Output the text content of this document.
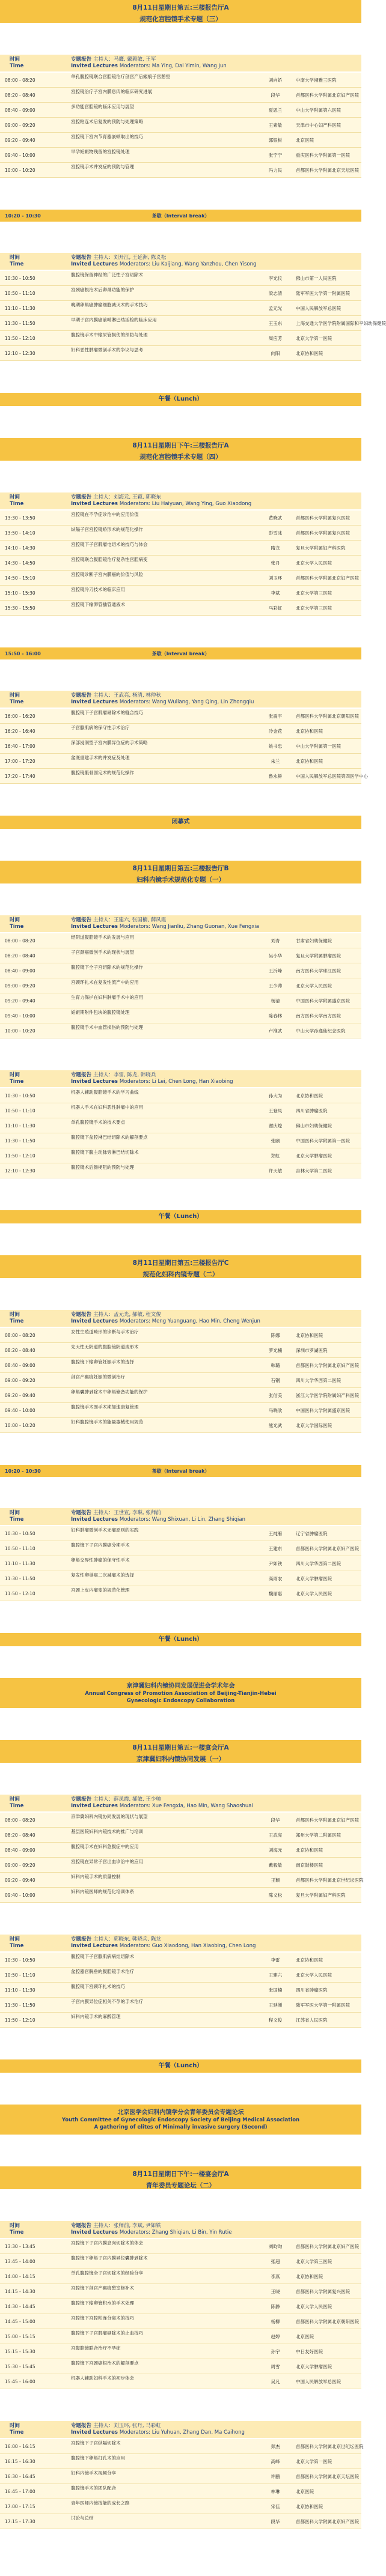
8月11日星期日第五:三楼报告厅A
规范化宫腔镜手术专题（三）
时间
Time
专题报告 主持人：马鹰, 戴毅敏, 王军
Invited Lectures Moderators: Ma Ying, Dai Yimin, Wang Jun
08:00 - 08:20
单孔腹腔镜联合宫腔镜治疗剖宫产后瘢痕子宫憩室
刘向娇	中南大学湘雅三医院
08:20 - 08:40
宫腔镜治疗子宫内膜息肉的临床研究进展
段华	首都医科大学附属北京妇产医院
08:40 - 09:00
多功能宫腔镜的临床应用与展望
夏恩兰	中山大学附属第六医院
09:00 - 09:20
宫腔粘连术后复发的预防与处理策略
王素敏	天津市中心妇产科医院
09:20 - 09:40
宫腔镜下宫内节育器嵌顿取出的技巧
郭银树	北京医院
09:40 - 10:00
早孕妊娠物残留的宫腔镜处理
张宁宁	重庆医科大学附属第一医院
10:00 - 10:20
宫腔镜手术并发症的预防与管理
冯力民	首都医科大学附属北京天坛医院
茶歇（Interval break）
10:20 - 10:30
时间
Time
专题报告 主持人：刘开江, 王延洲, 陈义松
Invited Lectures Moderators: Liu Kaijiang, Wang Yanzhou, Chen Yisong
10:30 - 10:50
腹腔镜保留神经的广泛性子宫切除术
李光仪	佛山市第一人民医院
10:50 - 11:10
宫颈癌根治术后卵巢功能的保护
梁志清	陆军军医大学第一附属医院
11:10 - 11:30
晚期卵巢癌肿瘤细胞减灭术的手术技巧
孟元光	中国人民解放军总医院
11:30 - 11:50
早期子宫内膜癌前哨淋巴结活检的临床应用
王玉东	上海交通大学医学院附属国际和平妇幼保健院
11:50 - 12:10
腹腔镜手术中输尿管损伤的预防与处理
周应芳	北京大学第一医院
12:10 - 12:30
妇科恶性肿瘤微创手术的争议与思考
向阳	北京协和医院
午餐（Lunch）
8月11日星期日下午:三楼报告厅A
规范化宫腔镜手术专题（四）
时间
Time
专题报告 主持人：刘海元, 王颖, 郭晓东
Invited Lectures Moderators: Liu Haiyuan, Wang Ying, Guo Xiaodong
13:30 - 13:50
宫腔镜在不孕症诊治中的应用价值
黄晓武	首都医科大学附属复兴医院
13:50 - 14:10
纵隔子宫宫腔镜矫形术的规范化操作
彭雪冰	首都医科大学附属复兴医院
14:10 - 14:30
宫腔镜下子宫肌瘤电切术的技巧与体会
隋龙	复旦大学附属妇产科医院
14:30 - 14:50
宫腔镜联合腹腔镜治疗复杂性宫腔病变
张丹	北京大学人民医院
14:50 - 15:10
宫腔镜诊断子宫内膜癌的价值与风险
刘玉环	首都医科大学附属北京妇产医院
15:10 - 15:30
宫腔镜冷刀技术的临床应用
李斌	北京大学第三医院
15:30 - 15:50
宫腔镜下输卵管插管通液术
马彩虹	北京大学第三医院
茶歇（Interval break）
15:50 - 16:00
时间
Time
专题报告 主持人：王武亮, 杨清, 林仲秋
Invited Lectures Moderators: Wang Wuliang, Yang Qing, Lin Zhongqiu
16:00 - 16:20
腹腔镜下子宫肌瘤剔除术的缝合技巧
张震宇	首都医科大学附属北京朝阳医院
16:20 - 16:40
子宫腺肌病的保守性手术治疗
冷金花	北京协和医院
16:40 - 17:00
深部浸润型子宫内膜异位症的手术策略
姚书忠	中山大学附属第一医院
17:00 - 17:20
盆底重建手术的并发症及处理
朱兰	北京协和医院
17:20 - 17:40
腹腔镜骶骨固定术的规范化操作
鲁永鲜	中国人民解放军总医院第四医学中心
闭幕式
8月11日星期日第五:三楼报告厅B
妇科内镜手术规范化专题（一）
时间
Time
专题报告 主持人：王建六, 张国楠, 薛凤霞
Invited Lectures Moderators: Wang Jianliu, Zhang Guonan, Xue Fengxia
08:00 - 08:20
经阴道腹腔镜手术的发展与应用
刘青	甘肃省妇幼保健院
08:20 - 08:40
子宫颈癌微创手术的现状与展望
吴小华	复旦大学附属肿瘤医院
08:40 - 09:00
腹腔镜下全子宫切除术的规范化操作
王沂峰	南方医科大学珠江医院
09:00 - 09:20
宫颈环扎术在复发性流产中的应用
王少帅	北京大学人民医院
09:20 - 09:40
生育力保护在妇科肿瘤手术中的应用
杨清	中国医科大学附属盛京医院
09:40 - 10:00
妊娠期附件包块的腹腔镜处理
陈春林	南方医科大学南方医院
10:00 - 10:20
腹腔镜手术中血管损伤的预防与处理
卢淮武	中山大学孙逸仙纪念医院
时间
Time
专题报告 主持人：李雷, 陈龙, 韩晓兵
Invited Lectures Moderators: Li Lei, Chen Long, Han Xiaobing
10:30 - 10:50
机器人辅助腹腔镜手术的学习曲线
孙大为	北京协和医院
10:50 - 11:10
机器人手术在妇科恶性肿瘤中的应用
王登凤	四川省肿瘤医院
11:10 - 11:30
单孔腹腔镜手术的技术要点
谢庆煌	佛山市妇幼保健院
11:30 - 11:50
腹腔镜下盆腔淋巴结切除术的解剖要点
张颐	中国医科大学附属第一医院
11:50 - 12:10
腹腔镜下腹主动脉旁淋巴结切除术
郑虹	北京大学肿瘤医院
12:10 - 12:30
腹腔镜术后肠梗阻的预防与处理
许天敏	吉林大学第二医院
午餐（Lunch）
8月11日星期日第五:三楼报告厅C
规范化妇科内镜专题（二）
时间
Time
专题报告 主持人：孟元光, 郝敏, 程文俊
Invited Lectures Moderators: Meng Yuanguang, Hao Min, Cheng Wenjun
08:00 - 08:20
女性生殖道畸形的诊断与手术治疗
陈娜	北京协和医院
08:20 - 08:40
先天性无阴道的腹腔镜阴道成形术
罗光楠	深圳市罗湖医院
08:40 - 09:00
腹腔镜下输卵管妊娠手术的选择
韩璐	首都医科大学附属北京妇产医院
09:00 - 09:20
剖宫产瘢痕妊娠的微创治疗
石钢	四川大学华西第二医院
09:20 - 09:40
卵巢囊肿剥除术中卵巢储备功能的保护
张信美	浙江大学医学院附属妇产科医院
09:40 - 10:00
腹腔镜手术围手术期加速康复管理
马晓欣	中国医科大学附属盛京医院
10:00 - 10:20
妇科腹腔镜手术的能量器械使用规范
熊光武	北京大学国际医院
茶歇（Interval break）
10:20 - 10:30
时间
Time
专题报告 主持人：王世宣, 李琳, 张师前
Invited Lectures Moderators: Wang Shixuan, Li Lin, Zhang Shiqian
10:30 - 10:50
妇科肿瘤微创手术无瘤原则的实践
王纯雁	辽宁省肿瘤医院
10:50 - 11:10
腹腔镜下子宫内膜癌分期手术
王建东	首都医科大学附属北京妇产医院
11:10 - 11:30
卵巢交界性肿瘤的保守性手术
尹如铁	四川大学华西第二医院
11:30 - 11:50
复发性卵巢癌二次减瘤术的选择
高雨农	北京大学肿瘤医院
11:50 - 12:10
宫颈上皮内瘤变的规范化管理
魏丽惠	北京大学人民医院
午餐（Lunch）
京津冀妇科内镜协同发展促进会学术年会
Annual Congress of Promotion Association of Beijing-Tianjin-Hebei
Gynecologic Endoscopy Collaboration
8月11日星期日第五:一楼宴会厅A
京津冀妇科内镜协同发展（一）
时间
Time
专题报告 主持人：薛凤霞, 郝敏, 王少帅
Invited Lectures Moderators: Xue Fengxia, Hao Min, Wang Shaoshuai
08:00 - 08:20
京津冀妇科内镜协同发展的现状与展望
段华	首都医科大学附属北京妇产医院
08:20 - 08:40
基层医院妇科内镜技术的推广与培训
王武亮	郑州大学第二附属医院
08:40 - 09:00
腹腔镜手术在妇科急腹症中的应用
刘海元	北京协和医院
09:00 - 09:20
宫腔镜在异常子宫出血诊治中的应用
戴毅敏	南京鼓楼医院
09:20 - 09:40
妇科内镜手术的质量控制
王颖	首都医科大学附属北京世纪坛医院
09:40 - 10:00
妇科内镜医师的规范化培训体系
陈义松	复旦大学附属妇产科医院
时间
Time
专题报告 主持人：郭晓东, 韩晓兵, 陈龙
Invited Lectures Moderators: Guo Xiaodong, Han Xiaobing, Chen Long
10:30 - 10:50
腹腔镜下子宫腺肌病病灶切除术
李雷	北京协和医院
10:50 - 11:10
盆腔器官脱垂的腹腔镜手术治疗
王建六	北京大学人民医院
11:10 - 11:30
腹腔镜下宫颈环扎术的技巧
张国楠	四川省肿瘤医院
11:30 - 11:50
子宫内膜异位症相关不孕的手术治疗
王延洲	陆军军医大学第一附属医院
11:50 - 12:10
妇科内镜手术的麻醉管理
程文俊	江苏省人民医院
午餐（Lunch）
北京医学会妇科内镜学分会青年委员会专题论坛
Youth Committee of Gynecologic Endoscopy Society of Beijing Medical Association
A gathering of elites of Minimally invasive surgery (Second)
8月11日星期日下午:一楼宴会厅A
青年委员专题论坛（二）
时间
Time
专题报告 主持人：张师前, 李斌, 尹如铁
Invited Lectures Moderators: Zhang Shiqian, Li Bin, Yin Rutie
13:30 - 13:45
宫腔镜下子宫内膜息肉切除术的体会
刘昀昀	首都医科大学附属北京妇产医院
13:45 - 14:00
腹腔镜下卵巢子宫内膜异位囊肿剥除术
张超	北京大学第三医院
14:00 - 14:15
单孔腹腔镜全子宫切除术的经验分享
李燕	北京协和医院
14:15 - 14:30
宫腔镜下剖宫产瘢痕憩室修补术
王晓	首都医科大学附属复兴医院
14:30 - 14:45
腹腔镜下输卵管积水的手术处理
陈静	北京大学人民医院
14:45 - 15:00
宫腔镜下宫腔粘连分离术的技巧
杨柳	首都医科大学附属北京朝阳医院
15:00 - 15:15
腹腔镜下子宫肌瘤剔除术的止血技巧
赵婷	北京医院
15:15 - 15:30
宫腹腔镜联合治疗不孕症
孙宇	中日友好医院
15:30 - 15:45
腹腔镜下宫颈癌根治术的解剖要点
周雪	北京大学肿瘤医院
15:45 - 16:00
机器人辅助妇科手术的初步体会
吴凡	中国人民解放军总医院
时间
Time
专题报告 主持人：刘玉环, 张丹, 马彩虹
Invited Lectures Moderators: Liu Yuhuan, Zhang Dan, Ma Caihong
16:00 - 16:15
宫腔镜下子宫纵隔切除术
郑杰	首都医科大学附属北京世纪坛医院
16:15 - 16:30
腹腔镜下卵巢打孔术的应用
高峰	北京大学第一医院
16:30 - 16:45
妇科内镜手术视频分享
许鹏	首都医科大学附属北京天坛医院
16:45 - 17:00
腹腔镜手术的团队配合
林琳	北京医院
17:00 - 17:15
青年医师内镜技能的成长之路
宋佳	北京协和医院
17:15 - 17:30
讨论与总结
段华	首都医科大学附属北京妇产医院
